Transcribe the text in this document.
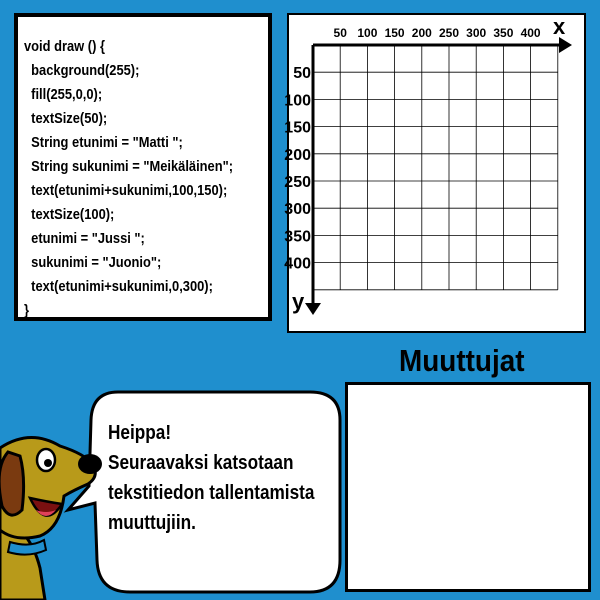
void draw () {
background(255);
fill(255,0,0);
textSize(50);
String etunimi = "Matti ";
String sukunimi = "Meikäläinen";
text(etunimi+sukunimi,100,150);
textSize(100);
etunimi = "Jussi ";
sukunimi = "Juonio";
text(etunimi+sukunimi,0,300);
}
50 100 150 200 250 300 350 400
50
100
150
200
250
300
350
400
x
y
Muuttujat
Heippa!
Seuraavaksi katsotaan
tekstitiedon tallentamista
muuttujiin.
